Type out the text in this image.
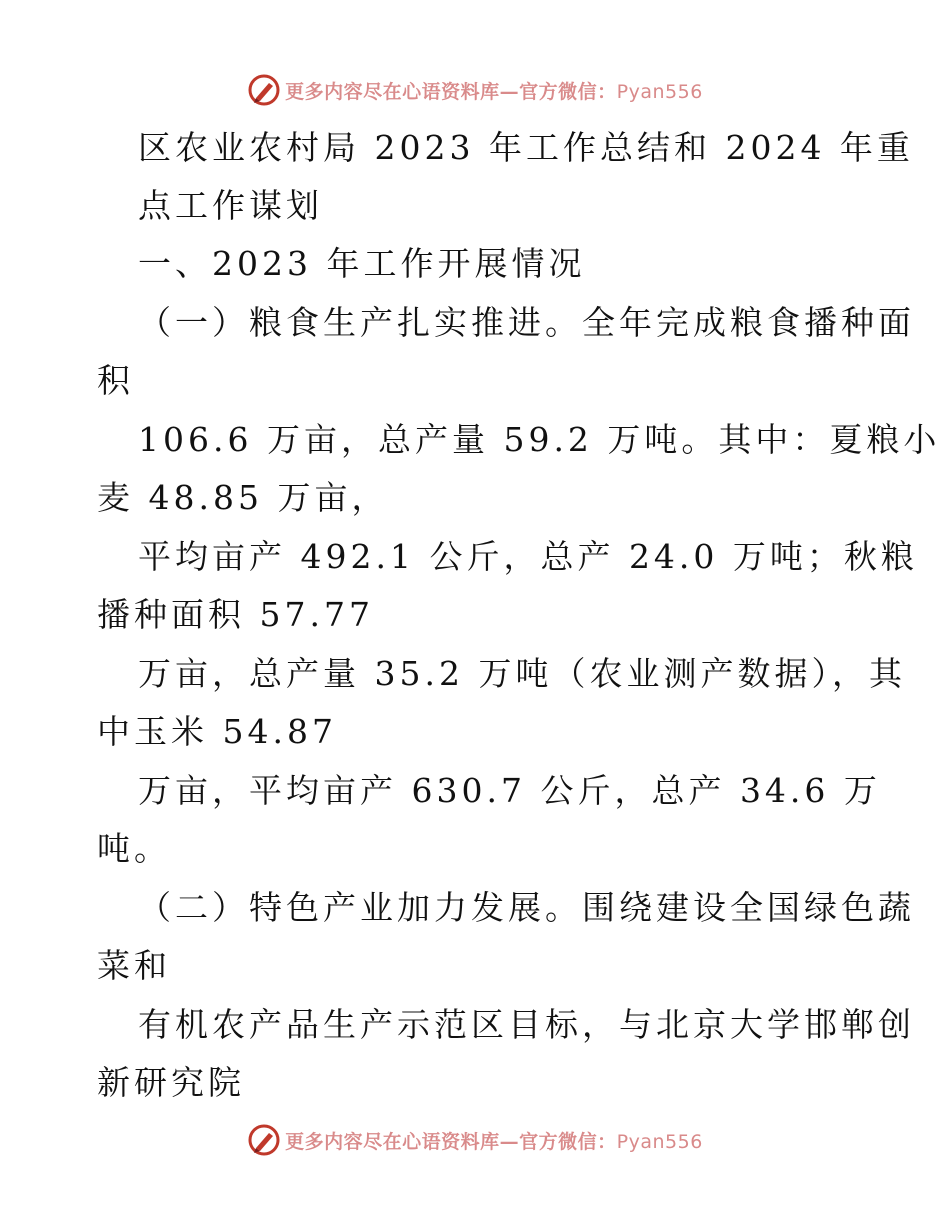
更多内容尽在心语资料库—官方微信：Pyan556
区农业农村局 2023 年工作总结和 2024 年重
点工作谋划
一、2023 年工作开展情况
（一）粮食生产扎实推进。全年完成粮食播种面
积
106.6 万亩，总产量 59.2 万吨。其中：夏粮小
麦 48.85 万亩，
平均亩产 492.1 公斤，总产 24.0 万吨；秋粮
播种面积 57.77
万亩，总产量 35.2 万吨（农业测产数据），其
中玉米 54.87
万亩，平均亩产 630.7 公斤，总产 34.6 万
吨。
（二）特色产业加力发展。围绕建设全国绿色蔬
菜和
有机农产品生产示范区目标，与北京大学邯郸创
新研究院
更多内容尽在心语资料库—官方微信：Pyan556
